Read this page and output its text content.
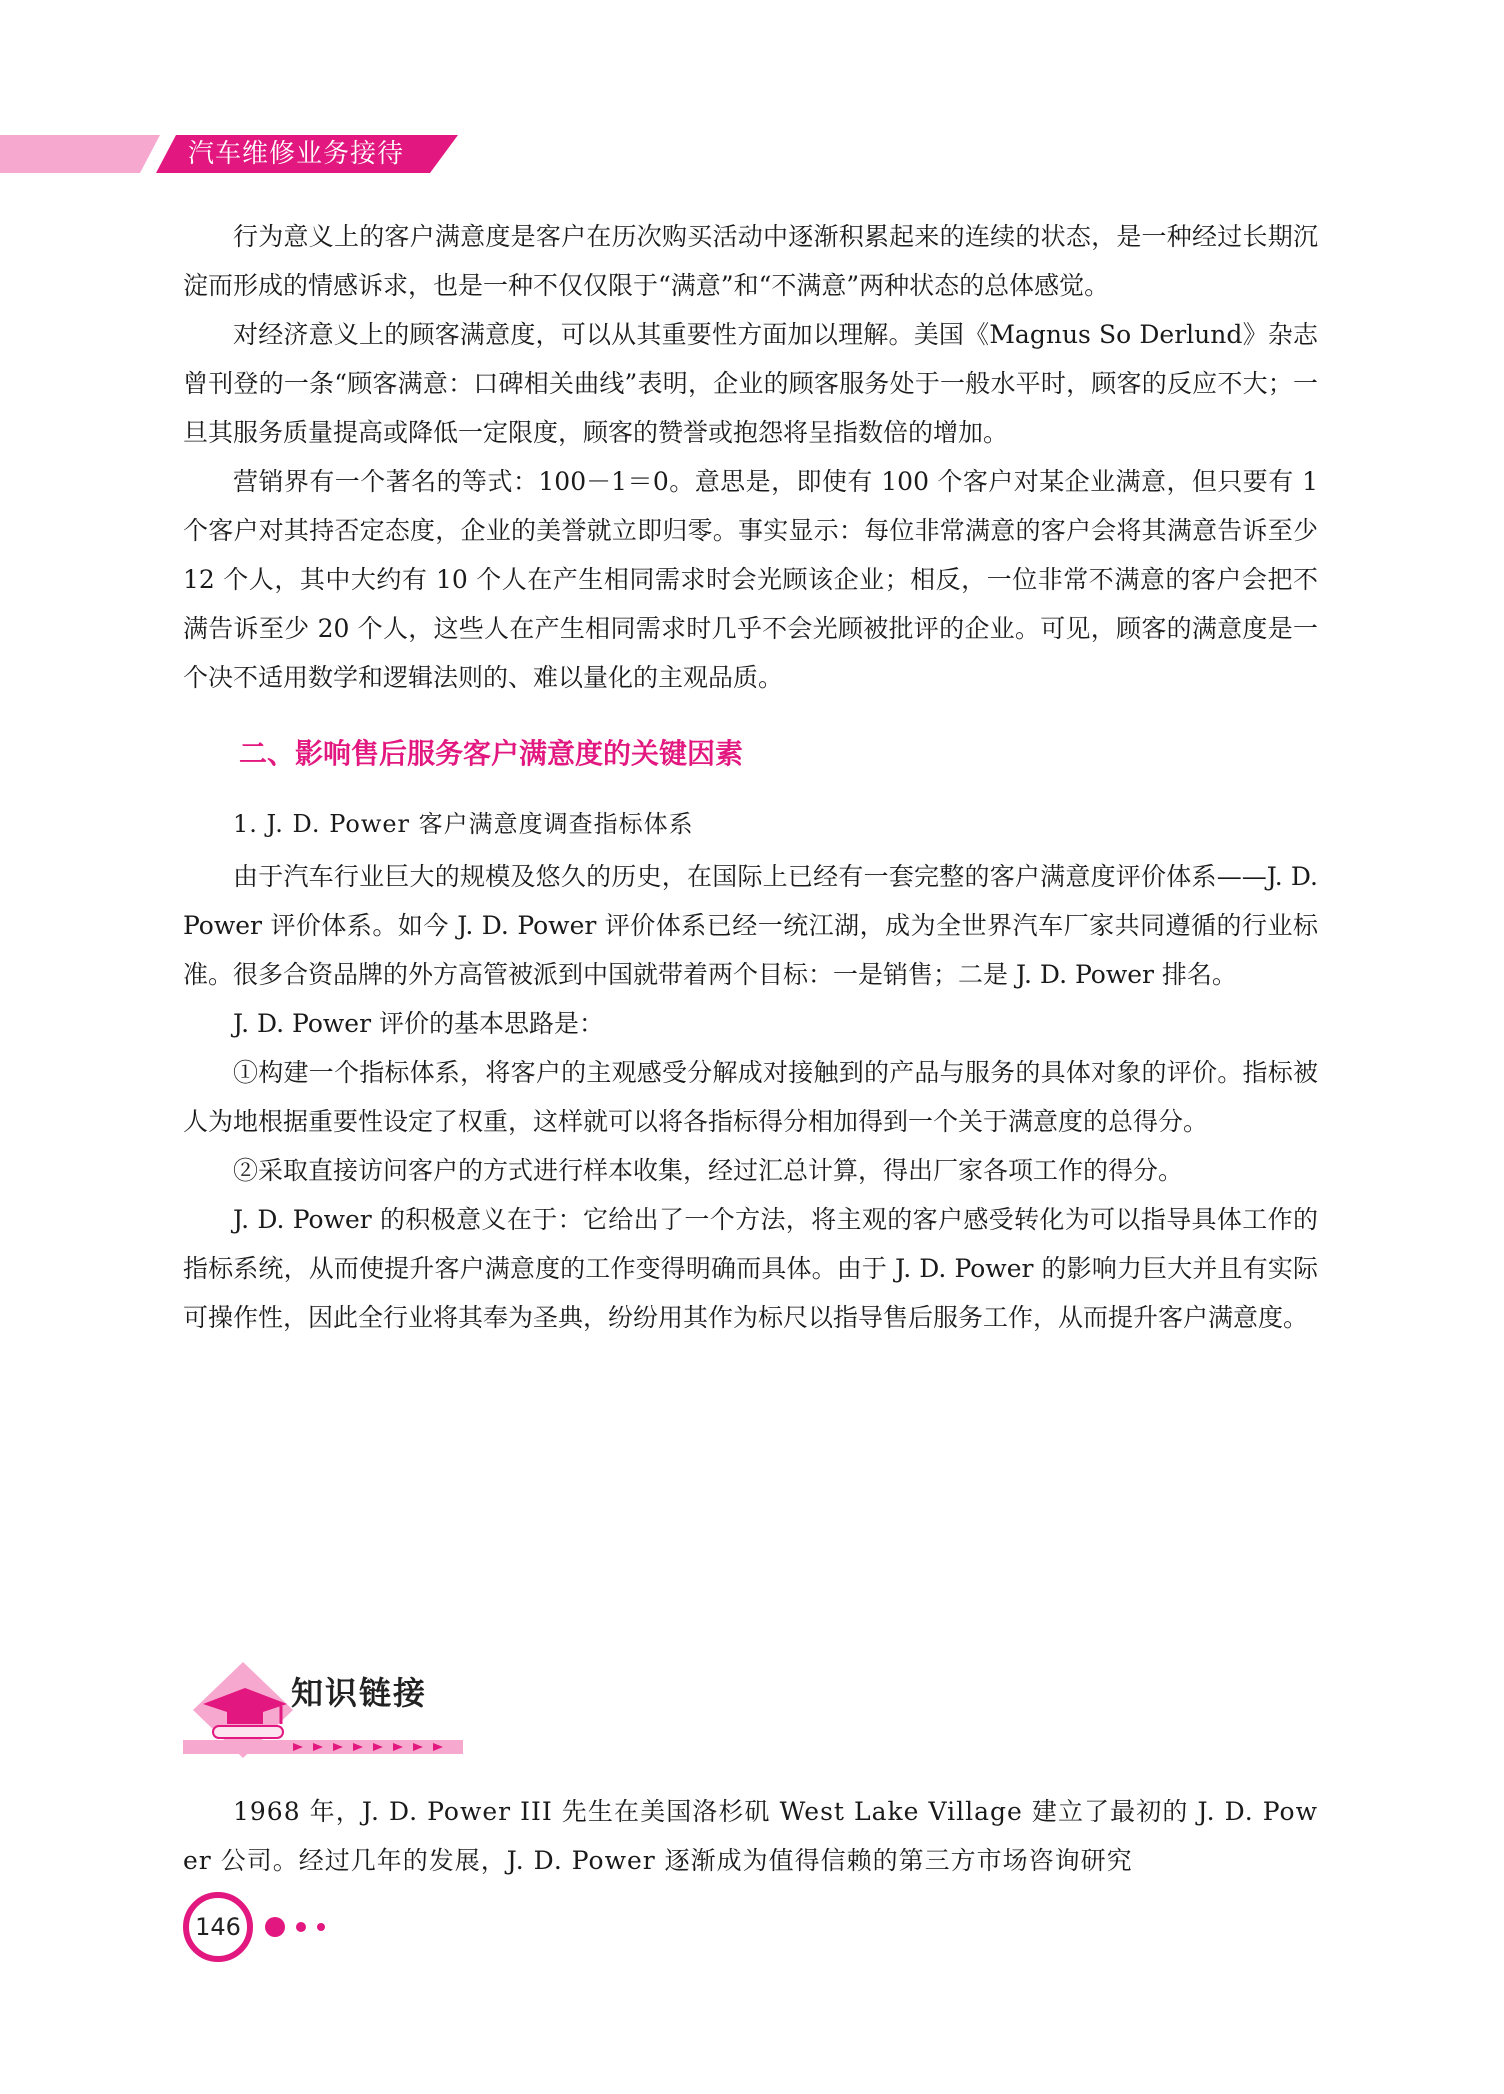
汽车维修业务接待

行为意义上的客户满意度是客户在历次购买活动中逐渐积累起来的连续的状态，是一种经过长期沉淀而形成的情感诉求，也是一种不仅仅限于“满意”和“不满意”两种状态的总体感觉。

对经济意义上的顾客满意度，可以从其重要性方面加以理解。美国《Magnus So Derlund》杂志曾刊登的一条“顾客满意：口碑相关曲线”表明，企业的顾客服务处于一般水平时，顾客的反应不大；一旦其服务质量提高或降低一定限度，顾客的赞誉或抱怨将呈指数倍的增加。

营销界有一个著名的等式：100－1＝0。意思是，即使有 100 个客户对某企业满意，但只要有 1 个客户对其持否定态度，企业的美誉就立即归零。事实显示：每位非常满意的客户会将其满意告诉至少 12 个人，其中大约有 10 个人在产生相同需求时会光顾该企业；相反，一位非常不满意的客户会把不满告诉至少 20 个人，这些人在产生相同需求时几乎不会光顾被批评的企业。可见，顾客的满意度是一个决不适用数学和逻辑法则的、难以量化的主观品质。

二、影响售后服务客户满意度的关键因素
1. J. D. Power 客户满意度调查指标体系

由于汽车行业巨大的规模及悠久的历史，在国际上已经有一套完整的客户满意度评价体系——J. D. Power 评价体系。如今 J. D. Power 评价体系已经一统江湖，成为全世界汽车厂家共同遵循的行业标准。很多合资品牌的外方高管被派到中国就带着两个目标：一是销售；二是 J. D. Power 排名。

J. D. Power 评价的基本思路是：

①构建一个指标体系，将客户的主观感受分解成对接触到的产品与服务的具体对象的评价。指标被人为地根据重要性设定了权重，这样就可以将各指标得分相加得到一个关于满意度的总得分。

②采取直接访问客户的方式进行样本收集，经过汇总计算，得出厂家各项工作的得分。

J. D. Power 的积极意义在于：它给出了一个方法，将主观的客户感受转化为可以指导具体工作的指标系统，从而使提升客户满意度的工作变得明确而具体。由于 J. D. Power 的影响力巨大并且有实际可操作性，因此全行业将其奉为圣典，纷纷用其作为标尺以指导售后服务工作，从而提升客户满意度。

知识链接

1968 年，J. D. Power III 先生在美国洛杉矶 West Lake Village 建立了最初的 J. D. Power 公司。经过几年的发展，J. D. Power 逐渐成为值得信赖的第三方市场咨询研究

146
